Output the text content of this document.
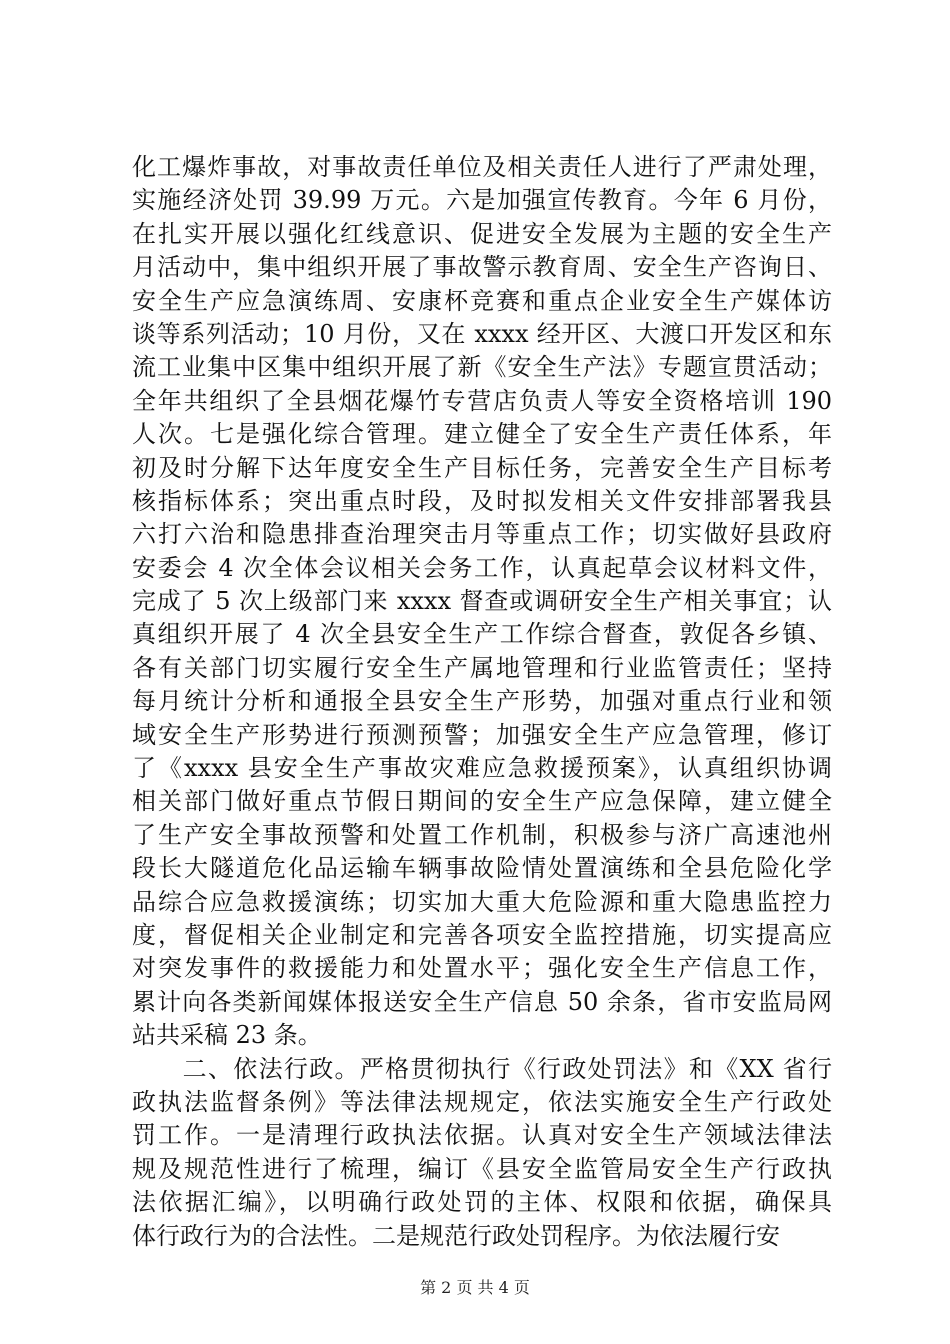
化工爆炸事故，对事故责任单位及相关责任人进行了严肃处理，
实施经济处罚 39.99 万元。六是加强宣传教育。今年 6 月份，
在扎实开展以强化红线意识、促进安全发展为主题的安全生产
月活动中，集中组织开展了事故警示教育周、安全生产咨询日、
安全生产应急演练周、安康杯竞赛和重点企业安全生产媒体访
谈等系列活动；10 月份，又在 xxxx 经开区、大渡口开发区和东
流工业集中区集中组织开展了新《安全生产法》专题宣贯活动；
全年共组织了全县烟花爆竹专营店负责人等安全资格培训 190
人次。七是强化综合管理。建立健全了安全生产责任体系，年
初及时分解下达年度安全生产目标任务，完善安全生产目标考
核指标体系；突出重点时段，及时拟发相关文件安排部署我县
六打六治和隐患排查治理突击月等重点工作；切实做好县政府
安委会 4 次全体会议相关会务工作，认真起草会议材料文件，
完成了 5 次上级部门来 xxxx 督查或调研安全生产相关事宜；认
真组织开展了 4 次全县安全生产工作综合督查，敦促各乡镇、
各有关部门切实履行安全生产属地管理和行业监管责任；坚持
每月统计分析和通报全县安全生产形势，加强对重点行业和领
域安全生产形势进行预测预警；加强安全生产应急管理，修订
了《xxxx 县安全生产事故灾难应急救援预案》，认真组织协调
相关部门做好重点节假日期间的安全生产应急保障，建立健全
了生产安全事故预警和处置工作机制，积极参与济广高速池州
段长大隧道危化品运输车辆事故险情处置演练和全县危险化学
品综合应急救援演练；切实加大重大危险源和重大隐患监控力
度，督促相关企业制定和完善各项安全监控措施，切实提高应
对突发事件的救援能力和处置水平；强化安全生产信息工作，
累计向各类新闻媒体报送安全生产信息 50 余条，省市安监局网
站共采稿 23 条。
　　二、依法行政。严格贯彻执行《行政处罚法》和《XX 省行
政执法监督条例》等法律法规规定，依法实施安全生产行政处
罚工作。一是清理行政执法依据。认真对安全生产领域法律法
规及规范性进行了梳理，编订《县安全监管局安全生产行政执
法依据汇编》，以明确行政处罚的主体、权限和依据，确保具
体行政行为的合法性。二是规范行政处罚程序。为依法履行安
第 2 页 共 4 页
